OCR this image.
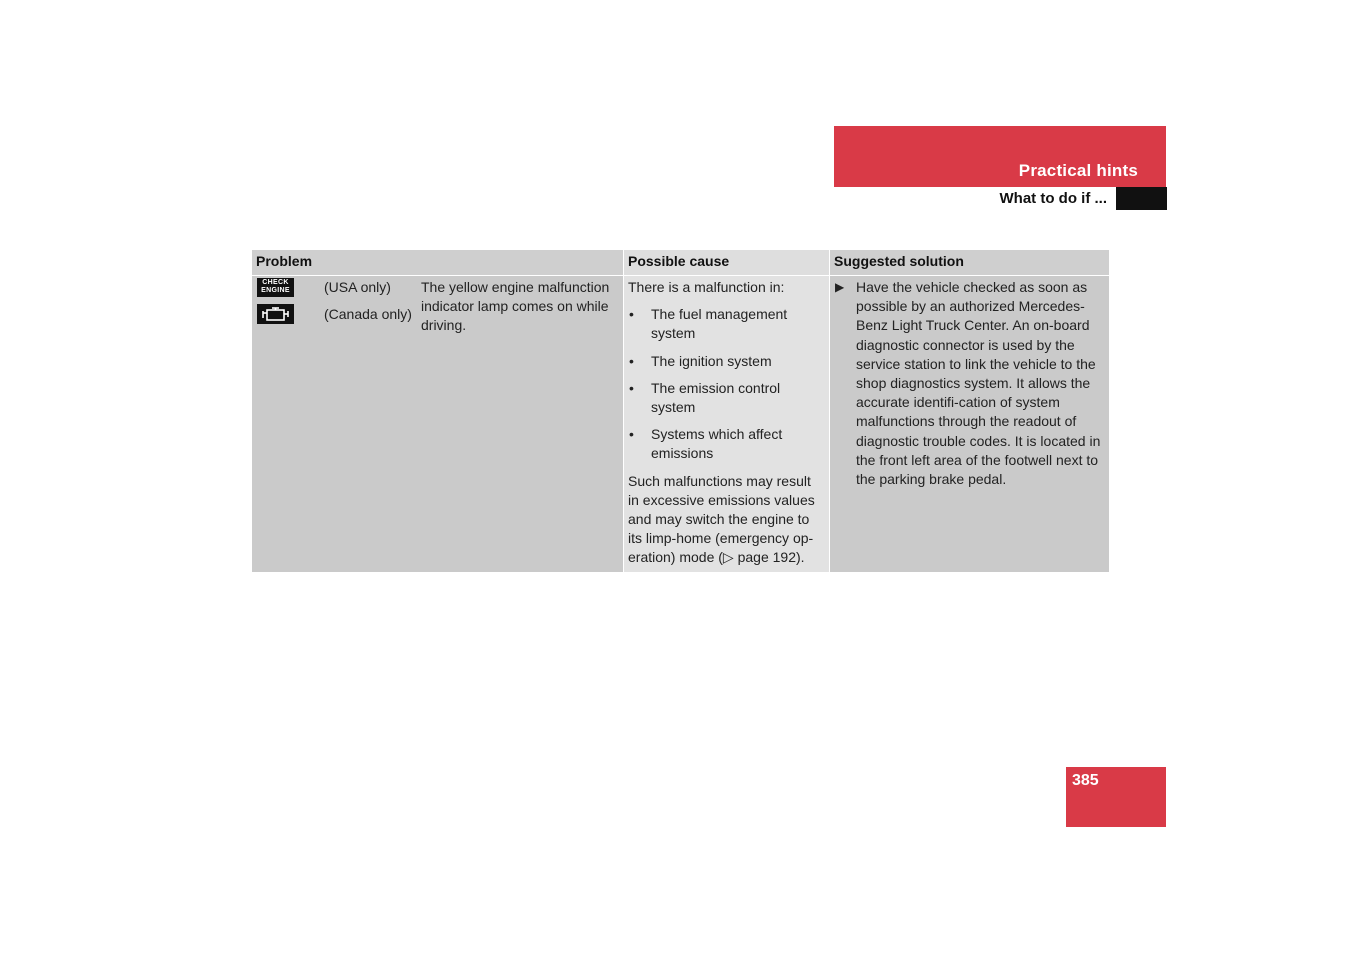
Practical hints
What to do if ...
Problem	Possible cause	Suggested solution
CHECK
ENGINE (USA only)
(Canada only)
The yellow engine malfunction indicator lamp comes on while driving.

There is a malfunction in:

• The fuel management system
• The ignition system
• The emission control system
• Systems which affect emissions

Such malfunctions may result in excessive emissions values and may switch the engine to its limp-home (emergency op-eration) mode (▷ page 192).

▶ Have the vehicle checked as soon as possible by an authorized Mercedes-Benz Light Truck Center. An on-board diagnostic connector is used by the service station to link the vehicle to the shop diagnostics system. It allows the accurate identifi-cation of system malfunctions through the readout of diagnostic trouble codes. It is located in the front left area of the footwell next to the parking brake pedal.

385
